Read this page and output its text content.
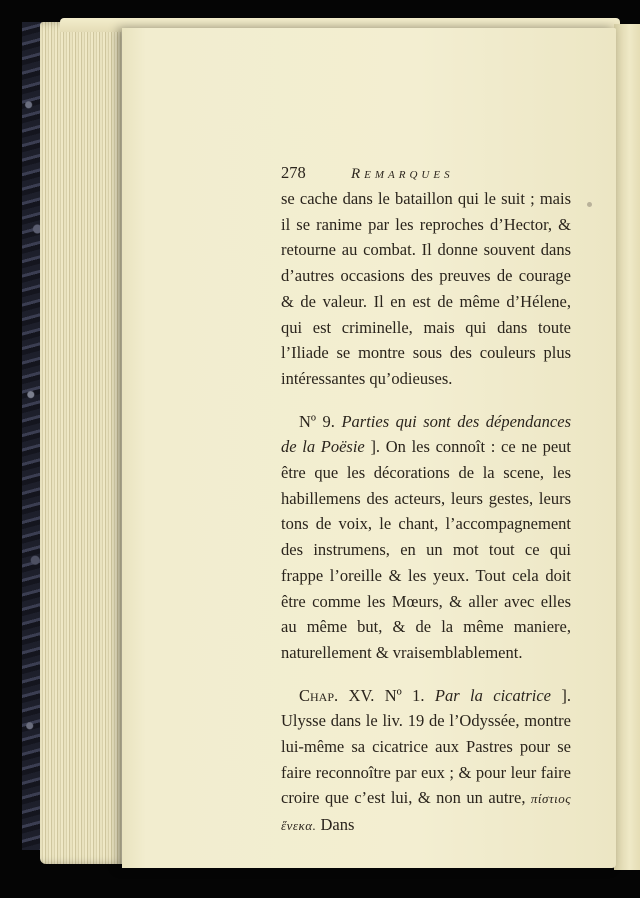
278	Remarques

se cache dans le bataillon qui le suit ; mais il se ranime par les reproches d’Hector, & retourne au combat. Il donne souvent dans d’autres occasions des preuves de courage & de valeur. Il en est de même d’Hélene, qui est criminelle, mais qui dans toute l’Iliade se montre sous des couleurs plus intéressantes qu’odieuses.

Nº 9. Parties qui sont des dépendances de la Poësie ]. On les connoît : ce ne peut être que les décorations de la scene, les habillemens des acteurs, leurs gestes, leurs tons de voix, le chant, l’accompagnement des instrumens, en un mot tout ce qui frappe l’oreille & les yeux. Tout cela doit être comme les Mœurs, & aller avec elles au même but, & de la même maniere, naturellement & vraisemblablement.

Chap. XV. Nº 1. Par la cicatrice ]. Ulysse dans le liv. 19 de l’Odyssée, montre lui-même sa cicatrice aux Pastres pour se faire reconnoître par eux ; & pour leur faire croire que c’est lui, & non un autre, πίστιος ἕνεκα. Dans
